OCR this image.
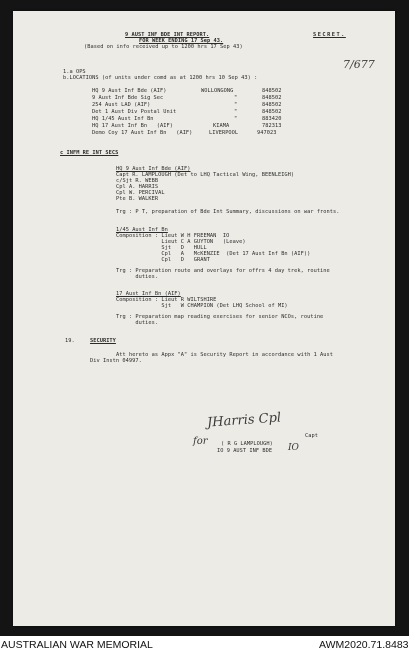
9 AUST INF BDE INT REPORT.	SECRET.
FOR WEEK ENDING 17 Sep 43.
(Based on info received up to 1200 hrs 17 Sep 43)
7/677
1.a OPS
b.LOCATIONS (of units under comd as at 1200 hrs 10 Sep 43) :
HQ 9 Aust Inf Bde (AIF)	WOLLONGONG	848502
9 Aust Inf Bde Sig Sec	"	848502
254 Aust LAD (AIF)	"	848502
Det 1 Aust Div Postal Unit	"	848502
HQ 1/45 Aust Inf Bn	"	883420
HQ 17 Aust Inf Bn   (AIF)	KIAMA	782313
Demo Coy 17 Aust Inf Bn   (AIF)	LIVERPOOL	947023
c INFM RE INT SECS
HQ 9 Aust Inf Bde (AIF)
Capt R. LAMPLOUGH (Det to LHQ Tactical Wing, BEENLEIGH)
c/Sjt R. WEBB
Cpl A. HARRIS
Cpl W. PERCIVAL
Pte B. WALKER
Trg : P T, preparation of Bde Int Summary, discussions on war fronts.
1/45 Aust Inf Bn
Composition : Lieut W H FREEMAN  IO
Lieut C A GUYTON   (Leave)
Sjt   D   HULL
Cpl   A   McKENZIE  (Det 17 Aust Inf Bn (AIF))
Cpl   D   GRANT
Trg : Preparation route and overlays for offrs 4 day trek, routine
duties.
17 Aust Inf Bn (AIF)
Composition : Lieut R WILTSHIRE
Sjt   W CHAMPION (Det LHQ School of MI)
Trg : Preparation map reading exercises for senior NCOs, routine
duties.
19.	SECURITY
Att hereto as Appx "A" is Security Report in accordance with 1 Aust
Div Instn 04997.
JHarris Cpl
for	Capt
( R G LAMPLOUGH)
IO 9 AUST INF BDE IO
AUSTRALIAN WAR MEMORIAL	AWM2020.71.8483
